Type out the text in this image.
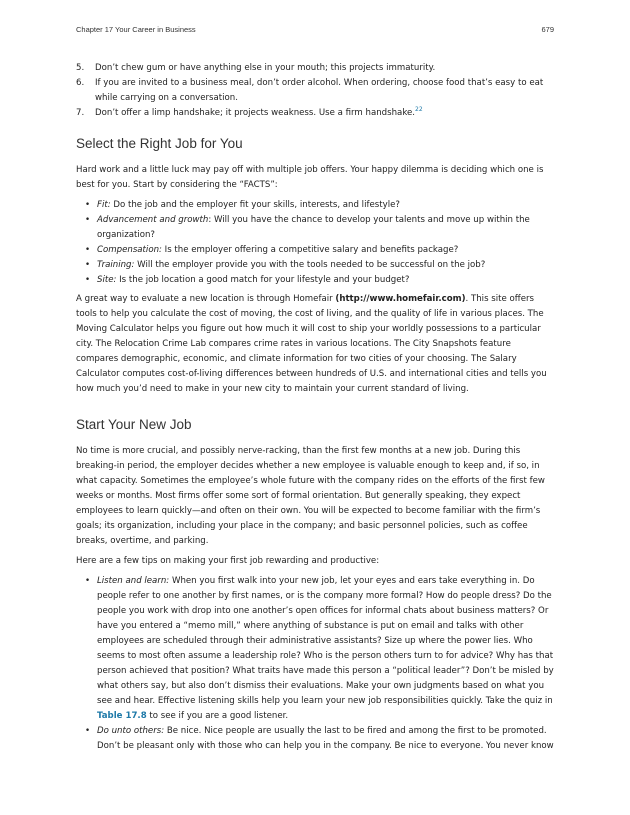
Chapter 17 Your Career in Business	679
5.	Don’t chew gum or have anything else in your mouth; this projects immaturity.
6.	If you are invited to a business meal, don’t order alcohol. When ordering, choose food that’s easy to eat while carrying on a conversation.
7.	Don’t offer a limp handshake; it projects weakness. Use a firm handshake.$^{22}$
Select the Right Job for You

Hard work and a little luck may pay off with multiple job offers. Your happy dilemma is deciding which one is best for you. Start by considering the “FACTS”:

• Fit: Do the job and the employer fit your skills, interests, and lifestyle?
• Advancement and growth: Will you have the chance to develop your talents and move up within the organization?
• Compensation: Is the employer offering a competitive salary and benefits package?
• Training: Will the employer provide you with the tools needed to be successful on the job?
• Site: Is the job location a good match for your lifestyle and your budget?

A great way to evaluate a new location is through Homefair (http://www.homefair.com). This site offers tools to help you calculate the cost of moving, the cost of living, and the quality of life in various places. The Moving Calculator helps you figure out how much it will cost to ship your worldly possessions to a particular city. The Relocation Crime Lab compares crime rates in various locations. The City Snapshots feature compares demographic, economic, and climate information for two cities of your choosing. The Salary Calculator computes cost-of-living differences between hundreds of U.S. and international cities and tells you how much you’d need to make in your new city to maintain your current standard of living.

Start Your New Job

No time is more crucial, and possibly nerve-racking, than the first few months at a new job. During this breaking-in period, the employer decides whether a new employee is valuable enough to keep and, if so, in what capacity. Sometimes the employee’s whole future with the company rides on the efforts of the first few weeks or months. Most firms offer some sort of formal orientation. But generally speaking, they expect employees to learn quickly—and often on their own. You will be expected to become familiar with the firm’s goals; its organization, including your place in the company; and basic personnel policies, such as coffee breaks, overtime, and parking.

Here are a few tips on making your first job rewarding and productive:

• Listen and learn: When you first walk into your new job, let your eyes and ears take everything in. Do people refer to one another by first names, or is the company more formal? How do people dress? Do the people you work with drop into one another’s open offices for informal chats about business matters? Or have you entered a “memo mill,” where anything of substance is put on email and talks with other employees are scheduled through their administrative assistants? Size up where the power lies. Who seems to most often assume a leadership role? Who is the person others turn to for advice? Why has that person achieved that position? What traits have made this person a “political leader”? Don’t be misled by what others say, but also don’t dismiss their evaluations. Make your own judgments based on what you see and hear. Effective listening skills help you learn your new job responsibilities quickly. Take the quiz in Table 17.8 to see if you are a good listener.
• Do unto others: Be nice. Nice people are usually the last to be fired and among the first to be promoted. Don’t be pleasant only with those who can help you in the company. Be nice to everyone. You never know
